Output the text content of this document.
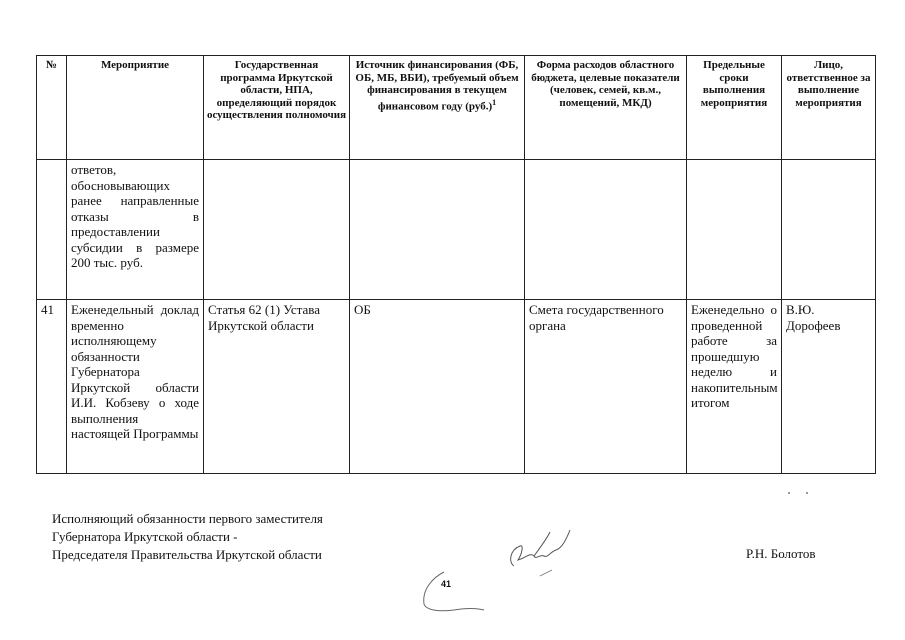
№	Мероприятие	Государственная программа Иркутской области, НПА, определяющий порядок осуществления полномочия	Источник финансирования (ФБ, ОБ, МБ, ВБИ), требуемый объем финансирования в текущем финансовом году $(руб.)^1$	Форма расходов областного бюджета, целевые показатели (человек, семей, кв.м., помещений, МКД)	Предельные сроки выполнения мероприятия	Лицо, ответственное за выполнение мероприятия
	ответов, обосновывающих ранее направленные отказы в предоставлении субсидии в размере 200 тыс. руб.					
41	Еженедельный доклад временно исполняющему обязанности Губернатора Иркутской области И.И. Кобзеву о ходе выполнения настоящей Программы	Статья 62 (1) Устава Иркутской области	ОБ	Смета государственного органа	Еженедельно о проведенной работе за прошедшую неделю и накопительным итогом	В.Ю. Дорофеев
Исполняющий обязанности первого заместителя
Губернатора Иркутской области -
Председателя Правительства Иркутской области	Р.Н. Болотов
41
